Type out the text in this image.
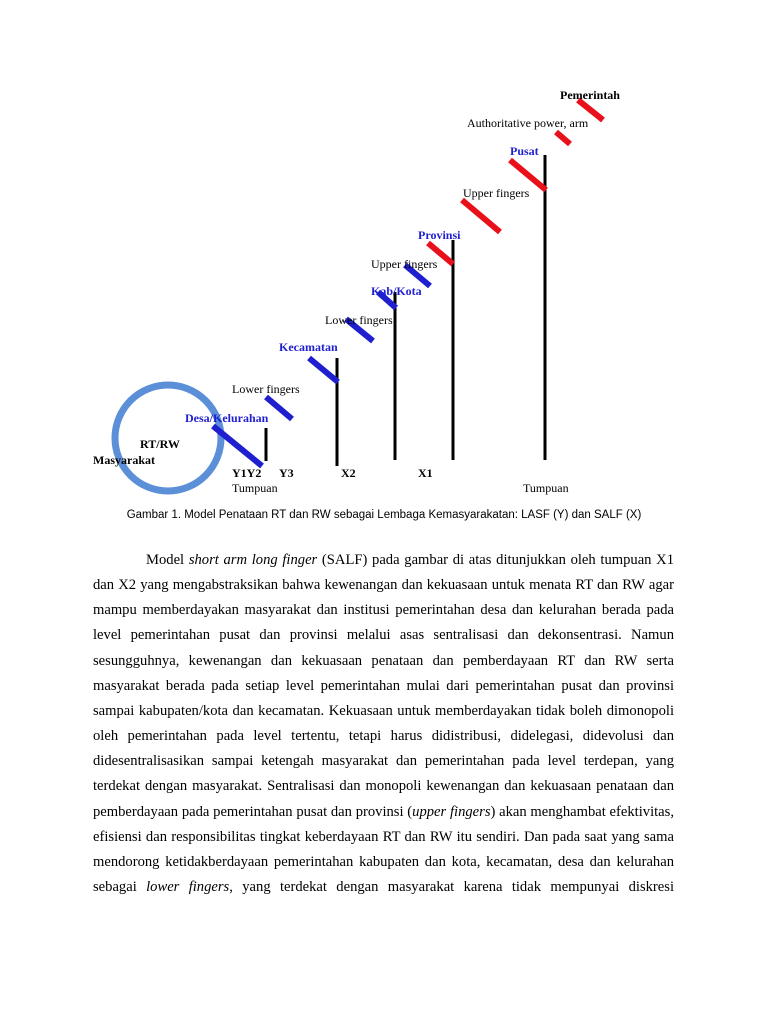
Pemerintah
Authoritative power, arm
Pusat
Upper fingers
Provinsi
Upper fingers
Kab/Kota
Lower fingers
Kecamatan
Lower fingers
Desa/Kelurahan
RT/RW
Masyarakat
Y1Y2 Y3	X2	X1
Tumpuan	Tumpuan
Gambar 1. Model Penataan RT dan RW sebagai Lembaga Kemasyarakatan: LASF (Y) dan SALF (X)

Model short arm long finger (SALF) pada gambar di atas ditunjukkan oleh tumpuan X1 dan X2 yang mengabstraksikan bahwa kewenangan dan kekuasaan untuk menata RT dan RW agar mampu memberdayakan masyarakat dan institusi pemerintahan desa dan kelurahan berada pada level pemerintahan pusat dan provinsi melalui asas sentralisasi dan dekonsentrasi. Namun sesungguhnya, kewenangan dan kekuasaan penataan dan pemberdayaan RT dan RW serta masyarakat berada pada setiap level pemerintahan mulai dari pemerintahan pusat dan provinsi sampai kabupaten/kota dan kecamatan. Kekuasaan untuk memberdayakan tidak boleh dimonopoli oleh pemerintahan pada level tertentu, tetapi harus didistribusi, didelegasi, didevolusi dan didesentralisasikan sampai ketengah masyarakat dan pemerintahan pada level terdepan, yang terdekat dengan masyarakat. Sentralisasi dan monopoli kewenangan dan kekuasaan penataan dan pemberdayaan pada pemerintahan pusat dan provinsi (upper fingers) akan menghambat efektivitas, efisiensi dan responsibilitas tingkat keberdayaan RT dan RW itu sendiri. Dan pada saat yang sama mendorong ketidakberdayaan pemerintahan kabupaten dan kota, kecamatan, desa dan kelurahan sebagai lower fingers, yang terdekat dengan masyarakat karena tidak mempunyai diskresi
